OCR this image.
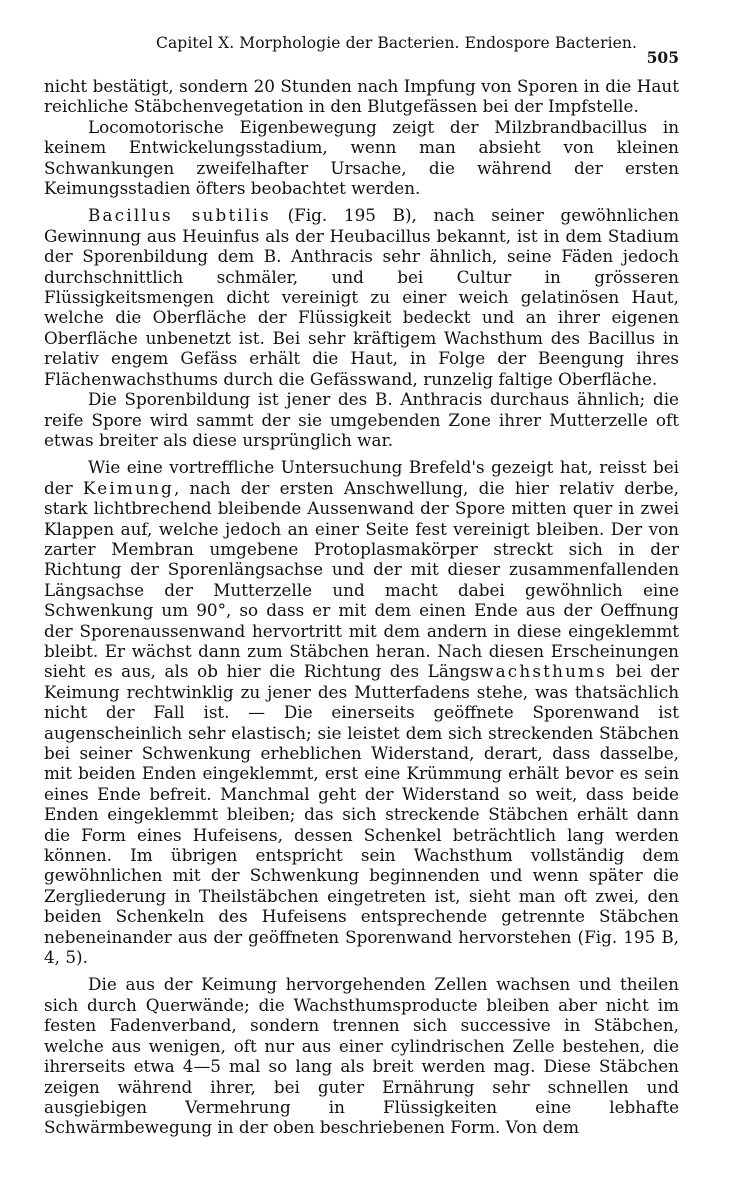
Capitel X. Morphologie der Bacterien. Endospore Bacterien.
505

nicht bestätigt, sondern 20 Stunden nach Impfung von Sporen in die Haut reichliche Stäbchenvegetation in den Blutgefässen bei der Impfstelle.

Locomotorische Eigenbewegung zeigt der Milzbrandbacillus in keinem Entwickelungsstadium, wenn man absieht von kleinen Schwankungen zweifelhafter Ursache, die während der ersten Keimungsstadien öfters beobachtet werden.

Bacillus subtilis (Fig. 195 B), nach seiner gewöhnlichen Gewinnung aus Heuinfus als der Heubacillus bekannt, ist in dem Stadium der Sporenbildung dem B. Anthracis sehr ähnlich, seine Fäden jedoch durchschnittlich schmäler, und bei Cultur in grösseren Flüssigkeitsmengen dicht vereinigt zu einer weich gelatinösen Haut, welche die Oberfläche der Flüssigkeit bedeckt und an ihrer eigenen Oberfläche unbenetzt ist. Bei sehr kräftigem Wachsthum des Bacillus in relativ engem Gefäss erhält die Haut, in Folge der Beengung ihres Flächenwachsthums durch die Gefässwand, runzelig faltige Oberfläche.

Die Sporenbildung ist jener des B. Anthracis durchaus ähnlich; die reife Spore wird sammt der sie umgebenden Zone ihrer Mutterzelle oft etwas breiter als diese ursprünglich war.

Wie eine vortreffliche Untersuchung Brefeld's gezeigt hat, reisst bei der Keimung, nach der ersten Anschwellung, die hier relativ derbe, stark lichtbrechend bleibende Aussenwand der Spore mitten quer in zwei Klappen auf, welche jedoch an einer Seite fest vereinigt bleiben. Der von zarter Membran umgebene Protoplasmakörper streckt sich in der Richtung der Sporenlängsachse und der mit dieser zusammenfallenden Längsachse der Mutterzelle und macht dabei gewöhnlich eine Schwenkung um 90°, so dass er mit dem einen Ende aus der Oeffnung der Sporenaussenwand hervortritt mit dem andern in diese eingeklemmt bleibt. Er wächst dann zum Stäbchen heran. Nach diesen Erscheinungen sieht es aus, als ob hier die Richtung des Längswachsthums bei der Keimung rechtwinklig zu jener des Mutterfadens stehe, was thatsächlich nicht der Fall ist. — Die einerseits geöffnete Sporenwand ist augenscheinlich sehr elastisch; sie leistet dem sich streckenden Stäbchen bei seiner Schwenkung erheblichen Widerstand, derart, dass dasselbe, mit beiden Enden eingeklemmt, erst eine Krümmung erhält bevor es sein eines Ende befreit. Manchmal geht der Widerstand so weit, dass beide Enden eingeklemmt bleiben; das sich streckende Stäbchen erhält dann die Form eines Hufeisens, dessen Schenkel beträchtlich lang werden können. Im übrigen entspricht sein Wachsthum vollständig dem gewöhnlichen mit der Schwenkung beginnenden und wenn später die Zergliederung in Theilstäbchen eingetreten ist, sieht man oft zwei, den beiden Schenkeln des Hufeisens entsprechende getrennte Stäbchen nebeneinander aus der geöffneten Sporenwand hervorstehen (Fig. 195 B, 4, 5).

Die aus der Keimung hervorgehenden Zellen wachsen und theilen sich durch Querwände; die Wachsthumsproducte bleiben aber nicht im festen Fadenverband, sondern trennen sich successive in Stäbchen, welche aus wenigen, oft nur aus einer cylindrischen Zelle bestehen, die ihrerseits etwa 4—5 mal so lang als breit werden mag. Diese Stäbchen zeigen während ihrer, bei guter Ernährung sehr schnellen und ausgiebigen Vermehrung in Flüssigkeiten eine lebhafte Schwärmbewegung in der oben beschriebenen Form. Von dem
